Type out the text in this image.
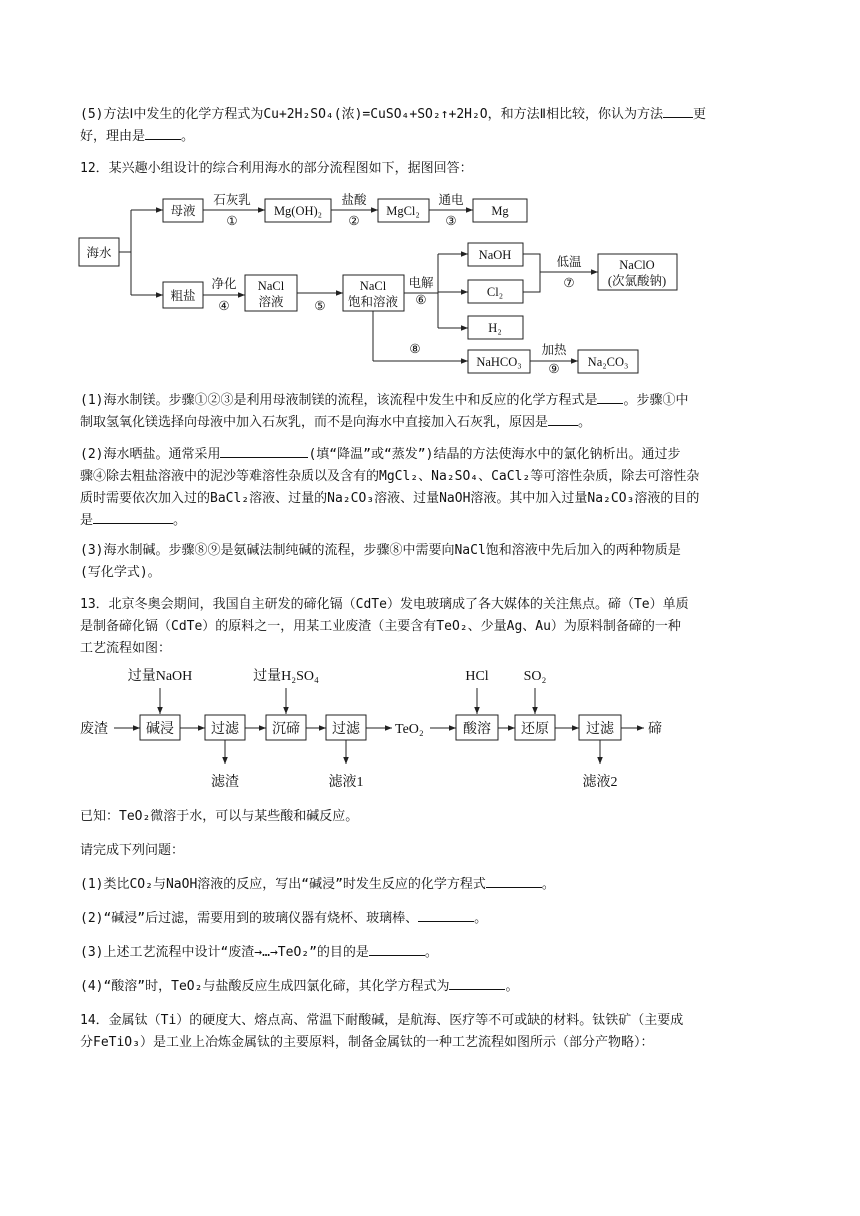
(5)方法Ⅰ中发生的化学方程式为Cu+2H₂SO₄(浓)=CuSO₄+SO₂↑+2H₂O，和方法Ⅱ相比较，你认为方法 更
好，理由是	。

12．某兴趣小组设计的综合利用海水的部分流程图如下，据图回答：

海水
母液	Mg(OH)₂	MgCl₂	Mg
粗盐
NaCl
溶液
NaCl
饱和溶液
NaOH
Cl₂
H₂
NaClO
(次氯酸钠)
NaHCO₃	Na₂CO₃
石灰乳
①
盐酸
②
通电
③
净化
④	⑤
电解
⑥
低温
⑦
⑧	加热
⑨
过量NaOH	过量H₂SO₄	HCl SO₂
废渣	碱浸	过滤
滤渣
沉碲 过滤
滤液1
TeO₂	酸溶 还原	过滤
滤液2
碲

(1)海水制镁。步骤①②③是利用母液制镁的流程，该流程中发生中和反应的化学方程式是 。步骤①中
制取氢氧化镁选择向母液中加入石灰乳，而不是向海水中直接加入石灰乳，原因是 。

(2)海水晒盐。通常采用	(填“降温”或“蒸发”)结晶的方法使海水中的氯化钠析出。通过步
骤④除去粗盐溶液中的泥沙等难溶性杂质以及含有的MgCl₂、Na₂SO₄、CaCl₂等可溶性杂质，除去可溶性杂
质时需要依次加入过的BaCl₂溶液、过量的Na₂CO₃溶液、过量NaOH溶液。其中加入过量Na₂CO₃溶液的目的
是	。

(3)海水制碱。步骤⑧⑨是氨碱法制纯碱的流程，步骤⑧中需要向NaCl饱和溶液中先后加入的两种物质是
(写化学式)。

13．北京冬奥会期间，我国自主研发的碲化镉（CdTe）发电玻璃成了各大媒体的关注焦点。碲（Te）单质
是制备碲化镉（CdTe）的原料之一，用某工业废渣（主要含有TeO₂、少量Ag、Au）为原料制备碲的一种
工艺流程如图：

已知：TeO₂微溶于水，可以与某些酸和碱反应。

请完成下列问题：

(1)类比CO₂与NaOH溶液的反应，写出“碱浸”时发生反应的化学方程式	。

(2)“碱浸”后过滤，需要用到的玻璃仪器有烧杯、玻璃棒、	。

(3)上述工艺流程中设计“废渣→…→TeO₂”的目的是	。

(4)“酸溶”时，TeO₂与盐酸反应生成四氯化碲，其化学方程式为	。

14．金属钛（Ti）的硬度大、熔点高、常温下耐酸碱，是航海、医疗等不可或缺的材料。钛铁矿（主要成
分FeTiO₃）是工业上冶炼金属钛的主要原料，制备金属钛的一种工艺流程如图所示（部分产物略）：
